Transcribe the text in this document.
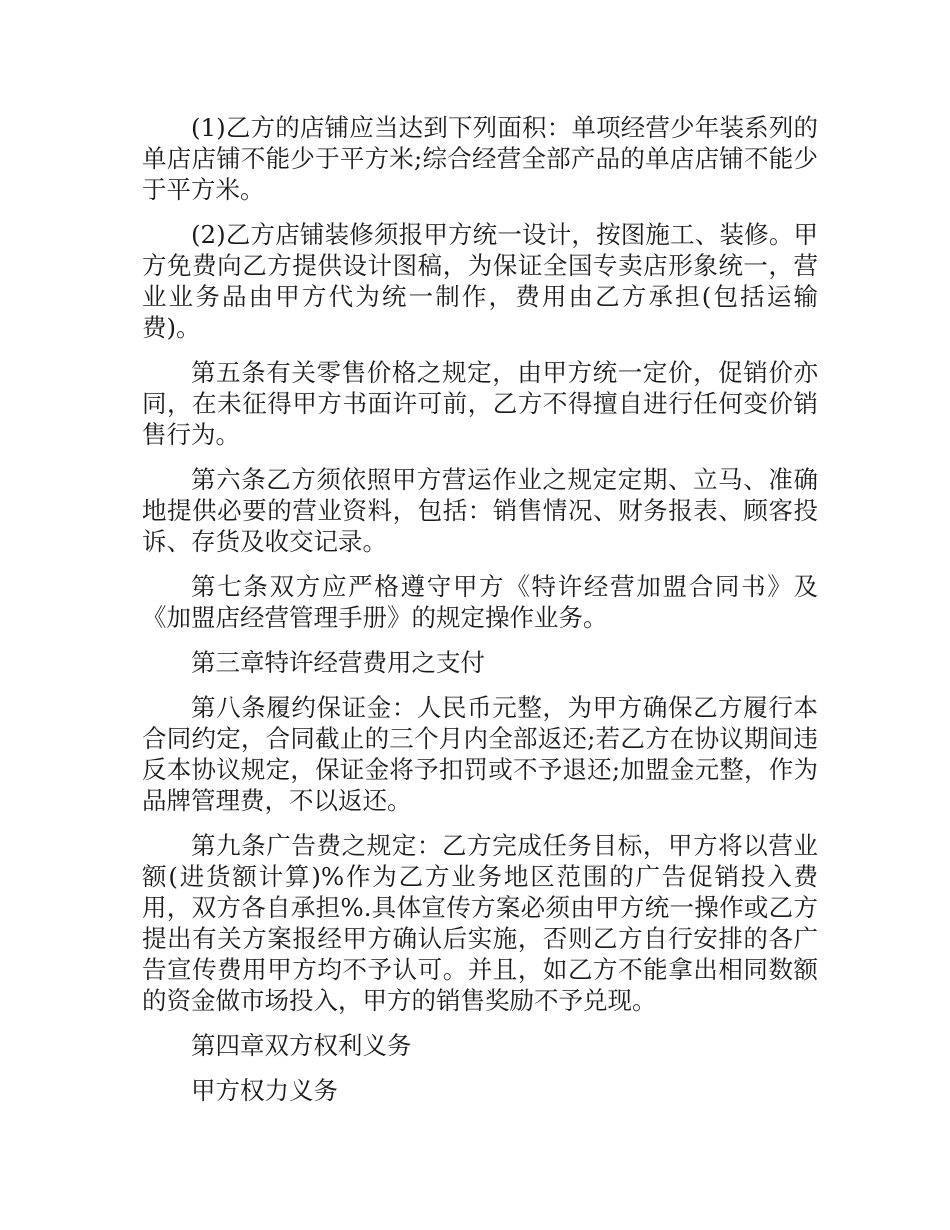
(1)乙方的店铺应当达到下列面积：单项经营少年装系列的单店店铺不能少于平方米;综合经营全部产品的单店店铺不能少于平方米。

(2)乙方店铺装修须报甲方统一设计，按图施工、装修。甲方免费向乙方提供设计图稿，为保证全国专卖店形象统一，营业业务品由甲方代为统一制作，费用由乙方承担(包括运输费)。

第五条有关零售价格之规定，由甲方统一定价，促销价亦同，在未征得甲方书面许可前，乙方不得擅自进行任何变价销售行为。

第六条乙方须依照甲方营运作业之规定定期、立马、准确地提供必要的营业资料，包括：销售情况、财务报表、顾客投诉、存货及收交记录。

第七条双方应严格遵守甲方《特许经营加盟合同书》及《加盟店经营管理手册》的规定操作业务。

第三章特许经营费用之支付

第八条履约保证金：人民币元整，为甲方确保乙方履行本合同约定，合同截止的三个月内全部返还;若乙方在协议期间违反本协议规定，保证金将予扣罚或不予退还;加盟金元整，作为品牌管理费，不以返还。

第九条广告费之规定：乙方完成任务目标，甲方将以营业额(进货额计算)%作为乙方业务地区范围的广告促销投入费用，双方各自承担%.具体宣传方案必须由甲方统一操作或乙方提出有关方案报经甲方确认后实施，否则乙方自行安排的各广告宣传费用甲方均不予认可。并且，如乙方不能拿出相同数额的资金做市场投入，甲方的销售奖励不予兑现。

第四章双方权利义务

甲方权力义务
